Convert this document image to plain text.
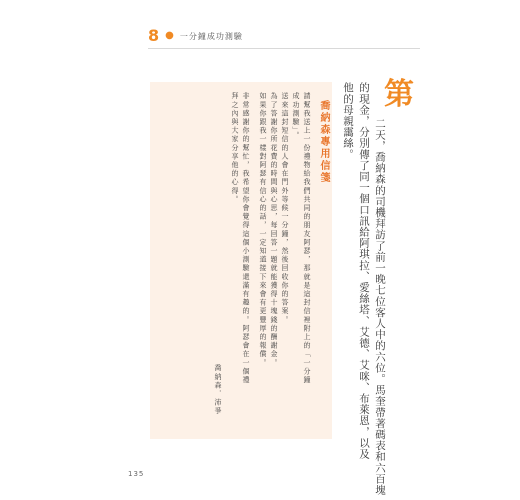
8 ● 一分鐘成功測驗
喬納森專用信箋
請幫我送上一份禮物給我們共同的朋友阿瑟，那就是這封信裡附上的「一分鐘
成功測驗」。
送來這封短信的人會在門外等候一分鐘，然後回收你的答案。
為了答謝你所花費的時間與心思，每回答一題就能獲得十塊錢的酬謝金。
如果你跟我一樣對阿瑟有信心的話，一定知道接下來會有更豐厚的報償。
非常感謝你的幫忙，我希望你會覺得這個小測驗還滿有趣的。阿瑟會在一個禮
拜之內與大家分享他的心得。
喬納森．沛爭
第
二天，喬納森的司機拜訪了前一晚七位客人中的六位。馬奎帶著碼表和六百塊
的現金，分別傳了同一個口訊給阿琪拉、愛絲塔、艾德、艾咪、布萊恩，以及
他的母親靄絲。
135
